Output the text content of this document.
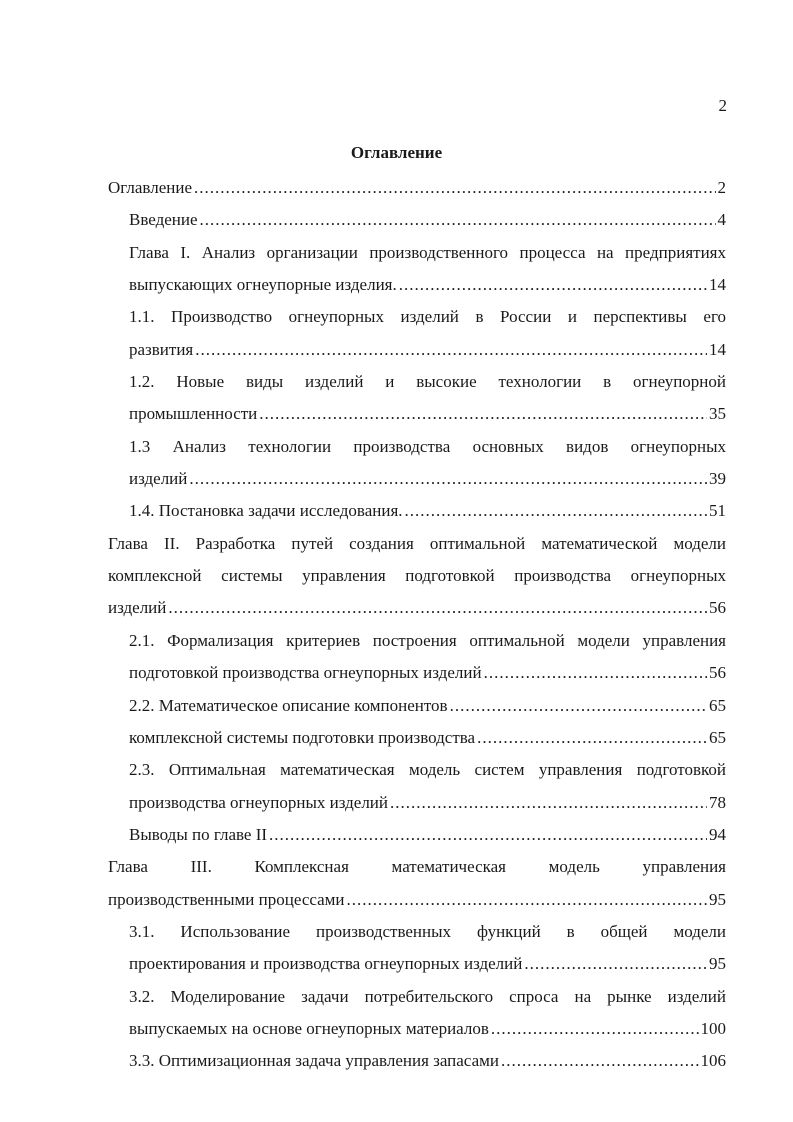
2
Оглавление
Оглавление .....	2
Введение .....	4
Глава I. Анализ организации производственного процесса на предприятиях
выпускающих огнеупорные изделия. .....	14
1.1. Производство огнеупорных изделий в России и перспективы его
развития .....	14
1.2. Новые виды изделий и высокие технологии в огнеупорной
промышленности .....	35
1.3 Анализ технологии производства основных видов огнеупорных
изделий .....	39
1.4. Постановка задачи исследования. .....	51
Глава II. Разработка путей создания оптимальной математической модели
комплексной системы управления подготовкой производства огнеупорных
изделий .....	56
2.1. Формализация критериев построения оптимальной модели управления
подготовкой производства огнеупорных изделий .....	56
2.2. Математическое описание компонентов .....	65
комплексной системы подготовки производства .....	65
2.3. Оптимальная математическая модель систем управления подготовкой
производства огнеупорных изделий .....	78
Выводы по главе II .....	94
Глава III. Комплексная математическая модель управления
производственными процессами .....	95
3.1. Использование производственных функций в общей модели
проектирования и производства огнеупорных изделий .....	95
3.2. Моделирование задачи потребительского спроса на рынке изделий
выпускаемых на основе огнеупорных материалов .....	100
3.3. Оптимизационная задача управления запасами .....	106
